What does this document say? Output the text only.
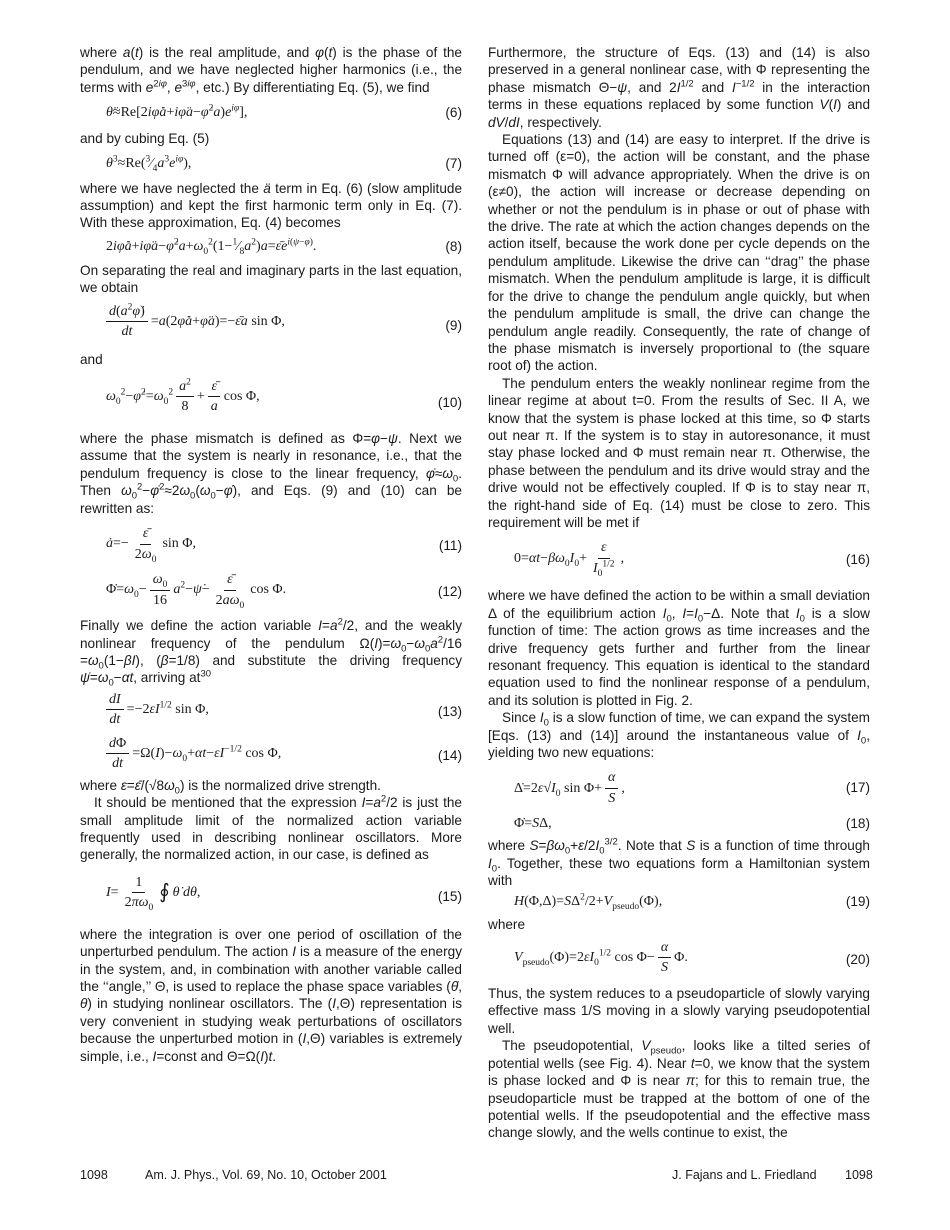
where a(t) is the real amplitude, and φ(t) is the phase of the pendulum, and we have neglected higher harmonics (i.e., the terms with $e^{2i\varphi}$, $e^{3i\varphi}$, etc.) By differentiating Eq. (5), we find

$\thetä\approx Re[2i\varphi̇ȧ+i\varphïa-\varphi̇^2a)e^{i\varphi}$],	(6)

and by cubing Eq. (5)

$\theta^3\approx Re(^3⁄_4a^3e^{i\varphi})$,	(7)

where we have neglected the ä term in Eq. (6) (slow amplitude assumption) and kept the first harmonic term only in Eq. (7). With these approximation, Eq. (4) becomes

$2i\varphi̇ȧ+i\varphïa-\varphi̇^2a+\omega_0^2(1-^1⁄_8a^2)a=\varepsilon̄e^{i(\psi-\varphi)}$.	(8)

On separating the real and imaginary parts in the last equation, we obtain

$\frac{d(a^2\varphi̇)}{dt}$ =a(2φ̇ȧ+φ̈a)=−ε̄a sin Φ,	(9)

and

$\omega_0^2-\varphi̇^2=\omega_0^2 \frac{a^2}{8} + \frac{\varepsilon̄}{a}$ cos Φ,	(10)

where the phase mismatch is defined as Φ=φ−ψ. Next we assume that the system is nearly in resonance, i.e., that the pendulum frequency is close to the linear frequency, $\varphi̇\approx\omega_0$. Then $\omega_0^2-\varphi̇^2\approx 2\omega_0(\omega_0-\varphi̇)$, and Eqs. (9) and (10) can be rewritten as:

ȧ=− $\frac{\varepsilon̄}{2\omega_0}$ sin Φ,	(11)
$\Phi̇=\omega_0- \frac{\omega_0}{16}$ $a^2-\psi̇- \frac{\varepsilon̄}{2a\omega_0}$ cos Φ.	(12)

Finally we define the action variable $I=a^2/2$, and the weakly nonlinear frequency of the pendulum $\Omega(I)=\omega_0-\omega_0a^2/16 =\omega_0(1-\beta I)$, (β=1/8) and substitute the driving frequency $\psi̇=\omega_0-\alpha t$, arriving $at^{30}$

$\frac{dI}{dt} =-2\varepsilon I^{1/2}$ sin Φ,	(13)
$\frac{d\Phi}{dt} =\Omega(I)-\omega_0+\alpha t-\varepsilon I^{-1/2}$ cos Φ,	(14)

where $\varepsilon=\varepsilon̄/(√8\omega_0)$ is the normalized drive strength.

It should be mentioned that the expression $I=a^2/2$ is just the small amplitude limit of the normalized action variable frequently used in describing nonlinear oscillators. More generally, the normalized action, in our case, is defined as

$I= \frac{1}{2\pi\omega_0}$ ∮ θ̇ dθ,	(15)

where the integration is over one period of oscillation of the unperturbed pendulum. The action I is a measure of the energy in the system, and, in combination with another variable called the ‘‘angle,’’ Θ, is used to replace the phase space variables (θ̇, θ) in studying nonlinear oscillators. The (I,Θ) representation is very convenient in studying weak perturbations of oscillators because the unperturbed motion in (I,Θ) variables is extremely simple, i.e., I=const and Θ=Ω(I)t.

Furthermore, the structure of Eqs. (13) and (14) is also preserved in a general nonlinear case, with Φ representing the phase mismatch Θ−ψ, and $2I^{1/2}$ and $I^{-1/2}$ in the interaction terms in these equations replaced by some function V(I) and dV/dI, respectively.

Equations (13) and (14) are easy to interpret. If the drive is turned off (ε=0), the action will be constant, and the phase mismatch Φ will advance appropriately. When the drive is on (ε≠0), the action will increase or decrease depending on whether or not the pendulum is in phase or out of phase with the drive. The rate at which the action changes depends on the action itself, because the work done per cycle depends on the pendulum amplitude. Likewise the drive can ‘‘drag’’ the phase mismatch. When the pendulum amplitude is large, it is difficult for the drive to change the pendulum angle quickly, but when the pendulum amplitude is small, the drive can change the pendulum angle readily. Consequently, the rate of change of the phase mismatch is inversely proportional to (the square root of) the action.

The pendulum enters the weakly nonlinear regime from the linear regime at about t=0. From the results of Sec. II A, we know that the system is phase locked at this time, so Φ starts out near π. If the system is to stay in autoresonance, it must stay phase locked and Φ must remain near π. Otherwise, the phase between the pendulum and its drive would stray and the drive would not be effectively coupled. If Φ is to stay near π, the right-hand side of Eq. (14) must be close to zero. This requirement will be met if

$0=\alpha t-\beta\omega_0I_0+ \frac{\varepsilon}{I_0^{1/2}}$ ,	(16)

where we have defined the action to be within a small deviation Δ of the equilibrium action $I_0$, $I=I_0-\Delta$. Note that $I_0$ is a slow function of time: The action grows as time increases and the drive frequency gets further and further from the linear resonant frequency. This equation is identical to the standard equation used to find the nonlinear response of a pendulum, and its solution is plotted in Fig. 2.

Since $I_0$ is a slow function of time, we can expand the system [Eqs. (13) and (14)] around the instantaneous value of $I_0$, yielding two new equations:

$\Deltȧ=2\varepsilon√I_0$ $\sin \Phi+ \frac{\alpha}{S}$ ,	(17)
Φ̇=SΔ,	(18)

where $S=\beta\omega_0+\varepsilon/2I_0^{3/2}$. Note that S is a function of time through $I_0$. Together, these two equations form a Hamiltonian system with

$H(\Phi,\Delta)=S\Delta^2/2+V_{pseudo}(\Phi)$,	(19)

where

$V_{pseudo}(\Phi)=2\varepsilon I_0^{1/2}$ $\cos \Phi- \frac{\alpha}{S} \Phi$.	(20)

Thus, the system reduces to a pseudoparticle of slowly varying effective mass 1/S moving in a slowly varying pseudopotential well.

The pseudopotential, $V_{pseudo}$, looks like a tilted series of potential wells (see Fig. 4). Near t=0, we know that the system is phase locked and Φ is near π; for this to remain true, the pseudoparticle must be trapped at the bottom of one of the potential wells. If the pseudopotential and the effective mass change slowly, and the wells continue to exist, the

1098	Am. J. Phys., Vol. 69, No. 10, October 2001	J. Fajans and L. Friedland 1098
